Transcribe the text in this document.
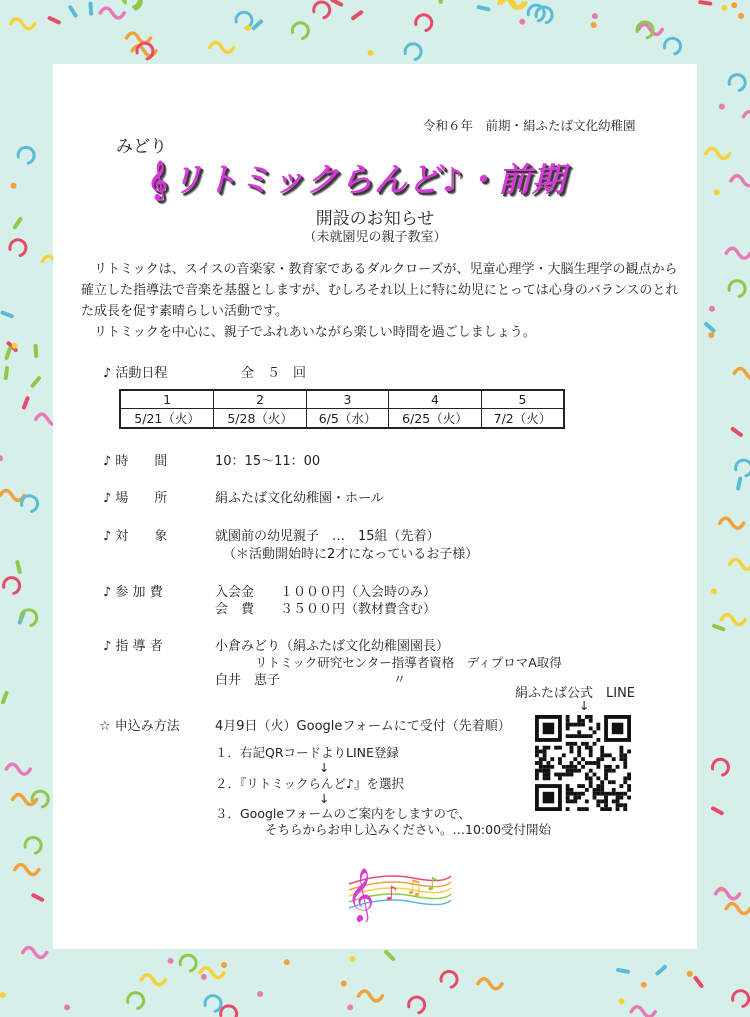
令和６年　前期・絹ふたば文化幼稚園
みどり
𝄞リトミックらんど♪・前期
開設のお知らせ
（未就園児の親子教室）

リトミックは、スイスの音楽家・教育家であるダルクローズが、児童心理学・大脳生理学の観点から確立した指導法で音楽を基盤としますが、むしろそれ以上に特に幼児にとっては心身のバランスのとれた成長を促す素晴らしい活動です。

リトミックを中心に、親子でふれあいながら楽しい時間を過ごしましょう。

♪ 活動日程	全　５　回
1	2	3	4	5
5/21（火）	5/28（火）	6/5（水）	6/25（火）	7/2（火）
♪ 時　　間	10：15〜11：00
♪ 場　　所	絹ふたば文化幼稚園・ホール
♪ 対　　象	就園前の幼児親子　…　15組（先着）
（＊活動開始時に2才になっているお子様）
♪ 参 加 費	入会金　　１０００円（入会時のみ）
会　費　　３５００円（教材費含む）
♪ 指 導 者	小倉みどり（絹ふたば文化幼稚園園長）
リトミック研究センター指導者資格　ディプロマA取得
白井　恵子	〃
絹ふたば公式　LINE
↓
☆ 申込み方法	4月9日（火）Googleフォームにて受付（先着順）
１．右記QRコードよりLINE登録
↓
２．『リトミックらんど♪』を選択
↓
３．Googleフォームのご案内をしますので、
そちらからお申し込みください。…10:00受付開始
𝄞 ♪ ♫ ♪
